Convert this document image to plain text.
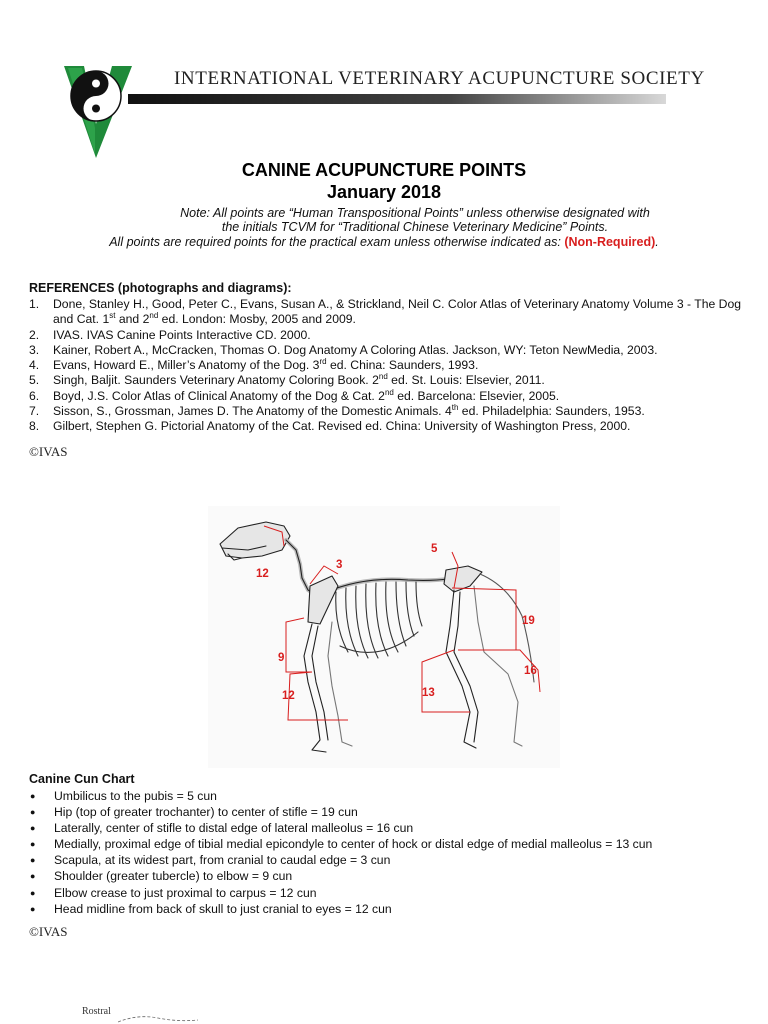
INTERNATIONAL VETERINARY ACUPUNCTURE SOCIETY
CANINE ACUPUNCTURE POINTS
January 2018
Note: All points are “Human Transpositional Points” unless otherwise designated with
the initials TCVM for “Traditional Chinese Veterinary Medicine” Points.
All points are required points for the practical exam unless otherwise indicated as: (Non-Required).
REFERENCES (photographs and diagrams):
1.	Done, Stanley H., Good, Peter C., Evans, Susan A., & Strickland, Neil C. Color Atlas of Veterinary Anatomy Volume 3 - The Dog and Cat. 1st and 2nd ed. London: Mosby, 2005 and 2009.
2.	IVAS. IVAS Canine Points Interactive CD. 2000.
3.	Kainer, Robert A., McCracken, Thomas O. Dog Anatomy A Coloring Atlas. Jackson, WY: Teton NewMedia, 2003.
4.	Evans, Howard E., Miller’s Anatomy of the Dog. 3rd ed. China: Saunders, 1993.
5.	Singh, Baljit. Saunders Veterinary Anatomy Coloring Book. 2nd ed. St. Louis: Elsevier, 2011.
6.	Boyd, J.S. Color Atlas of Clinical Anatomy of the Dog & Cat. 2nd ed. Barcelona: Elsevier, 2005.
7.	Sisson, S., Grossman, James D. The Anatomy of the Domestic Animals. 4th ed. Philadelphia: Saunders, 1953.
8.	Gilbert, Stephen G. Pictorial Anatomy of the Cat. Revised ed. China: University of Washington Press, 2000.
©IVAS
12
3
5
19
16
9
12	13
Canine Cun Chart
●	Umbilicus to the pubis = 5 cun
●	Hip (top of greater trochanter) to center of stifle = 19 cun
●	Laterally, center of stifle to distal edge of lateral malleolus = 16 cun
●	Medially, proximal edge of tibial medial epicondyle to center of hock or distal edge of medial malleolus = 13 cun
●	Scapula, at its widest part, from cranial to caudal edge = 3 cun
●	Shoulder (greater tubercle) to elbow = 9 cun
●	Elbow crease to just proximal to carpus = 12 cun
●	Head midline from back of skull to just cranial to eyes = 12 cun
©IVAS
Rostral
